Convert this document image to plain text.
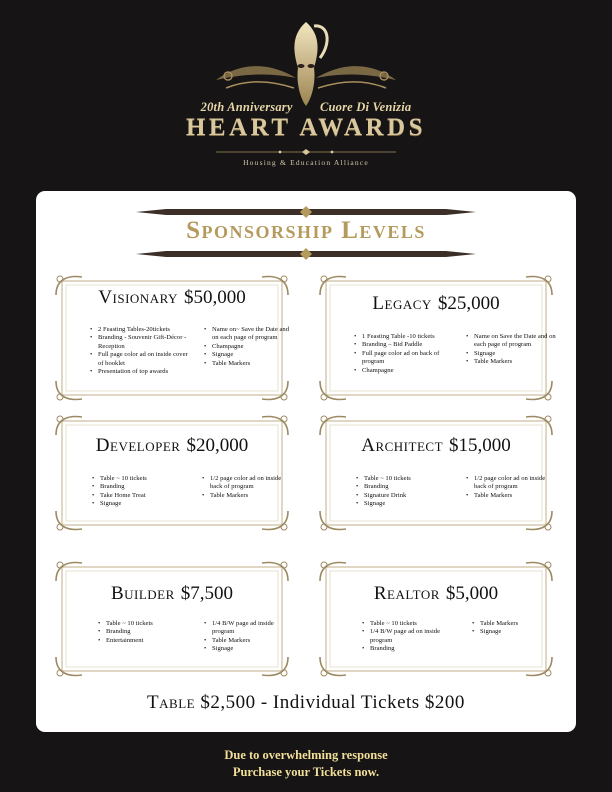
20th Anniversary Cuore Di Venizia
HEART AWARDS
Housing & Education Alliance
Sponsorship Levels
Visionary $50,000
• 2 Feasting Tables-20tickets
• Branding - Souvenir Gift-Décor - Reception
• Full page color ad on inside cover of booklet
• Presentation of top awards
• Name on~ Save the Date and on each page of program
• Champagne
• Signage
• Table Markers
Legacy $25,000
• 1 Feasting Table -10 tickets
• Branding – Bid Paddle
• Full page color ad on back of program
• Champagne
• Name on Save the Date and on each page of program
• Signage
• Table Markers
Developer $20,000
• Table ~ 10 tickets
• Branding
• Take Home Treat
• Signage
• 1/2 page color ad on inside back of program
• Table Markers
Architect $15,000
• Table ~ 10 tickets
• Branding
• Signature Drink
• Signage
• 1/2 page color ad on inside back of program
• Table Markers
Builder $7,500
• Table ~ 10 tickets
• Branding
• Entertainment
• 1/4 B/W page ad inside program
• Table Markers
• Signage
Realtor $5,000
• Table ~ 10 tickets
• 1/4 B/W page ad on inside program
• Branding
• Table Markers
• Signage
Table $2,500 - Individual Tickets $200
Due to overwhelming response
Purchase your Tickets now.
